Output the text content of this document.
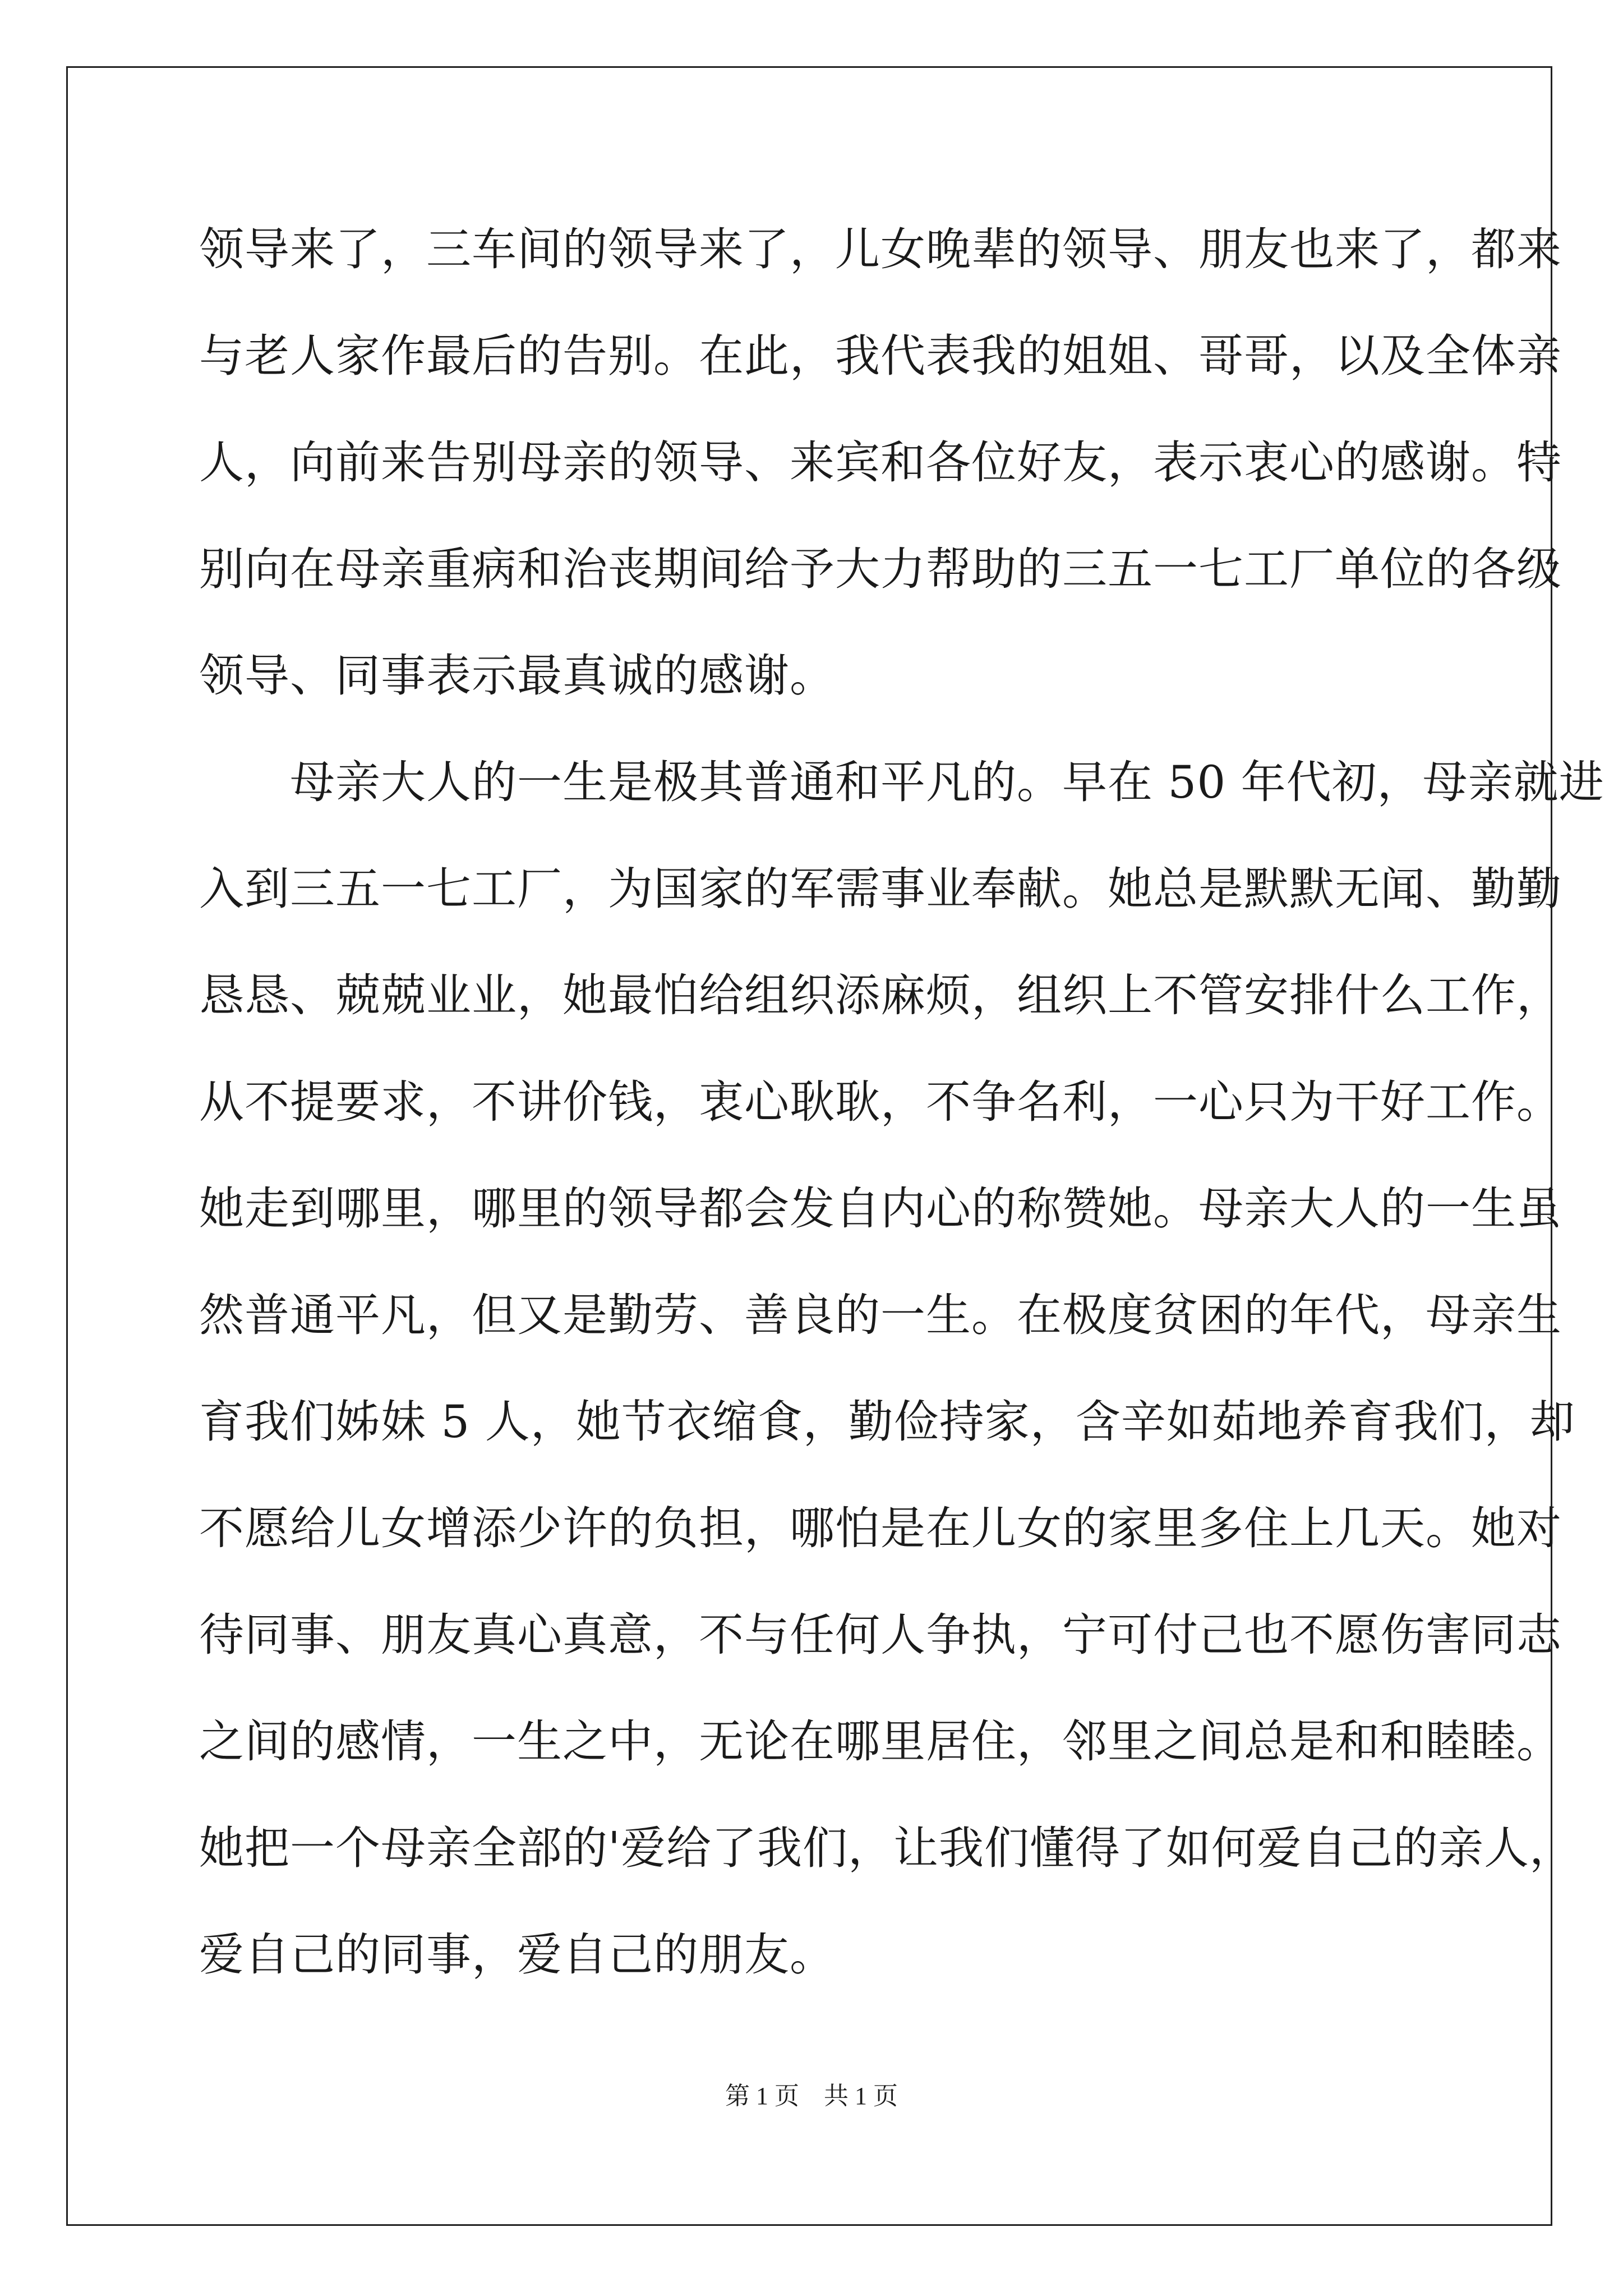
领导来了，三车间的领导来了，儿女晚辈的领导、朋友也来了，都来
与老人家作最后的告别。在此，我代表我的姐姐、哥哥，以及全体亲
人，向前来告别母亲的领导、来宾和各位好友，表示衷心的感谢。特
别向在母亲重病和治丧期间给予大力帮助的三五一七工厂单位的各级
领导、同事表示最真诚的感谢。
　　母亲大人的一生是极其普通和平凡的。早在 50 年代初，母亲就进
入到三五一七工厂，为国家的军需事业奉献。她总是默默无闻、勤勤
恳恳、兢兢业业，她最怕给组织添麻烦，组织上不管安排什么工作，
从不提要求，不讲价钱，衷心耿耿，不争名利，一心只为干好工作。
她走到哪里，哪里的领导都会发自内心的称赞她。母亲大人的一生虽
然普通平凡，但又是勤劳、善良的一生。在极度贫困的年代，母亲生
育我们姊妹 5 人，她节衣缩食，勤俭持家，含辛如茹地养育我们，却
不愿给儿女增添少许的负担，哪怕是在儿女的家里多住上几天。她对
待同事、朋友真心真意，不与任何人争执，宁可付己也不愿伤害同志
之间的感情，一生之中，无论在哪里居住，邻里之间总是和和睦睦。
她把一个母亲全部的'爱给了我们，让我们懂得了如何爱自己的亲人，
爱自己的同事，爱自己的朋友。
第 1 页　共 1 页
